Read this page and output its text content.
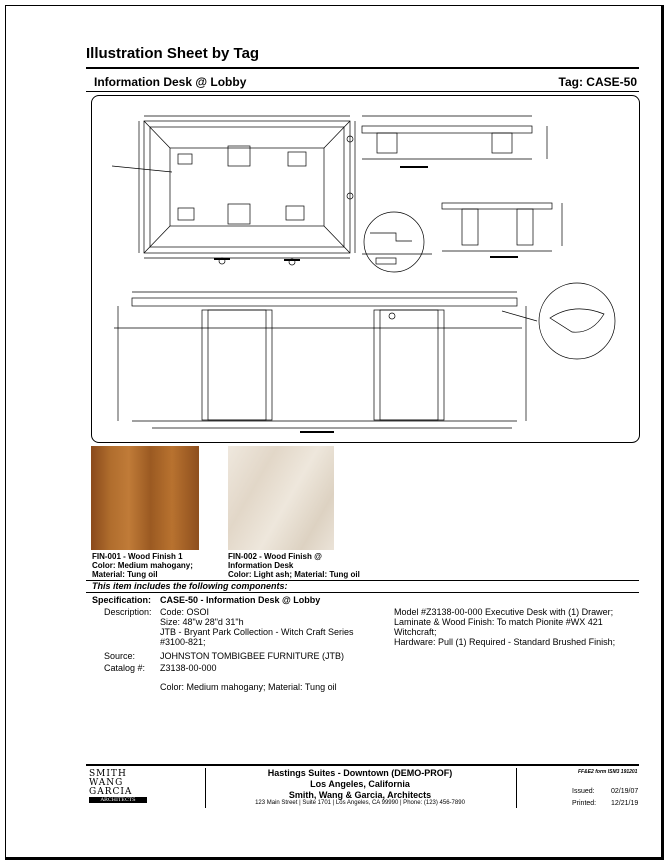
Illustration Sheet by Tag
Information Desk @ Lobby	Tag: CASE-50
FIN-001 - Wood Finish 1
Color: Medium mahogany; Material: Tung oil
FIN-002 - Wood Finish @ Information Desk
Color: Light ash; Material: Tung oil
This item includes the following components:
Specification: CASE-50 - Information Desk @ Lobby
Description: Code: OSOI
Size: 48"w 28"d 31"h
JTB - Bryant Park Collection - Witch Craft Series
#3100-821;
Model #Z3138-00-000 Executive Desk with (1) Drawer;
Laminate & Wood Finish: To match Pionite #WX 421
Witchcraft;
Hardware: Pull (1) Required - Standard Brushed Finish;
Source:	JOHNSTON TOMBIGBEE FURNITURE (JTB)
Catalog #: Z3138-00-000
Color: Medium mahogany; Material: Tung oil
SMITH
WANG
GARCIA
ARCHITECTS
Hastings Suites - Downtown (DEMO-PROF)
Los Angeles, California
Smith, Wang & Garcia, Architects
123 Main Street | Suite 1701 | Los Angeles, CA 99990 | Phone: (123) 456-7890
FF&E2 form ISM3 191201
Issued: 02/19/07
Printed: 12/21/19
